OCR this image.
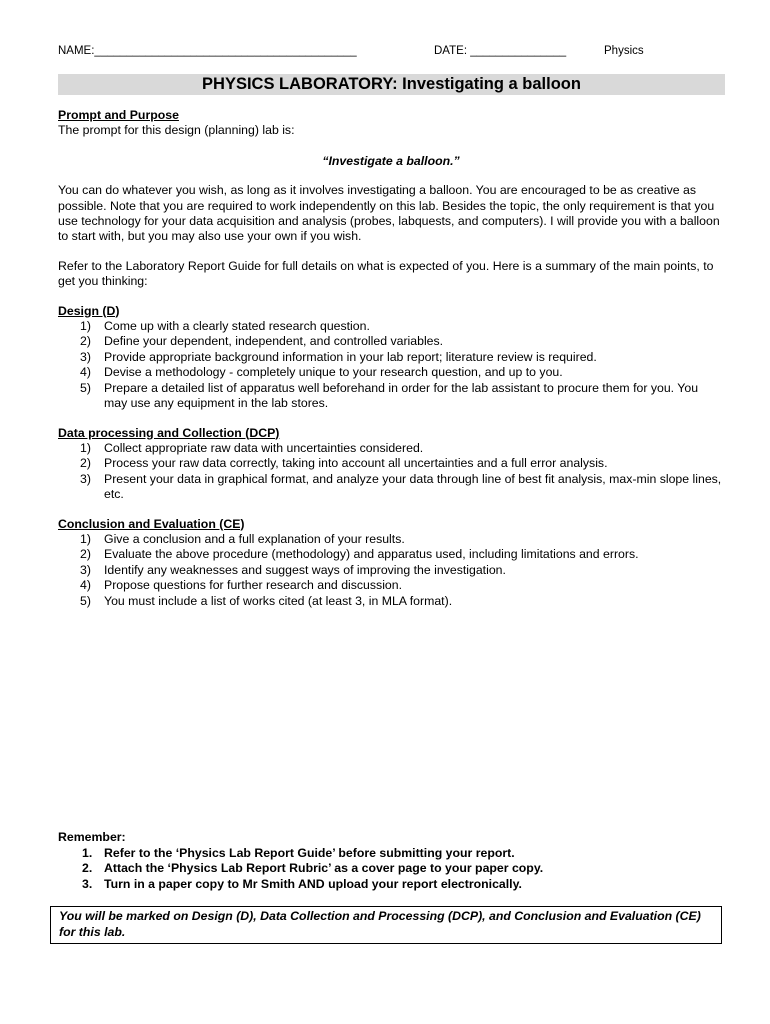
NAME:_________________________________________	DATE: _______________	Physics
PHYSICS LABORATORY: Investigating a balloon

Prompt and Purpose

The prompt for this design (planning) lab is:

“Investigate a balloon.”

You can do whatever you wish, as long as it involves investigating a balloon. You are encouraged to be as creative as possible. Note that you are required to work independently on this lab. Besides the topic, the only requirement is that you use technology for your data acquisition and analysis (probes, labquests, and computers). I will provide you with a balloon to start with, but you may also use your own if you wish.

Refer to the Laboratory Report Guide for full details on what is expected of you. Here is a summary of the main points, to get you thinking:

Design (D)

1)	Come up with a clearly stated research question.
2)	Define your dependent, independent, and controlled variables.
3)	Provide appropriate background information in your lab report; literature review is required.
4)	Devise a methodology - completely unique to your research question, and up to you.
5)	Prepare a detailed list of apparatus well beforehand in order for the lab assistant to procure them for you. You may use any equipment in the lab stores.

Data processing and Collection (DCP)

1)	Collect appropriate raw data with uncertainties considered.
2)	Process your raw data correctly, taking into account all uncertainties and a full error analysis.
3)	Present your data in graphical format, and analyze your data through line of best fit analysis, max-min slope lines, etc.

Conclusion and Evaluation (CE)

1)	Give a conclusion and a full explanation of your results.
2)	Evaluate the above procedure (methodology) and apparatus used, including limitations and errors.
3)	Identify any weaknesses and suggest ways of improving the investigation.
4)	Propose questions for further research and discussion.
5)	You must include a list of works cited (at least 3, in MLA format).

Remember:

1. Refer to the ‘Physics Lab Report Guide’ before submitting your report.
2. Attach the ‘Physics Lab Report Rubric’ as a cover page to your paper copy.
3. Turn in a paper copy to Mr Smith AND upload your report electronically.
You will be marked on Design (D), Data Collection and Processing (DCP), and Conclusion and Evaluation (CE) for this lab.
